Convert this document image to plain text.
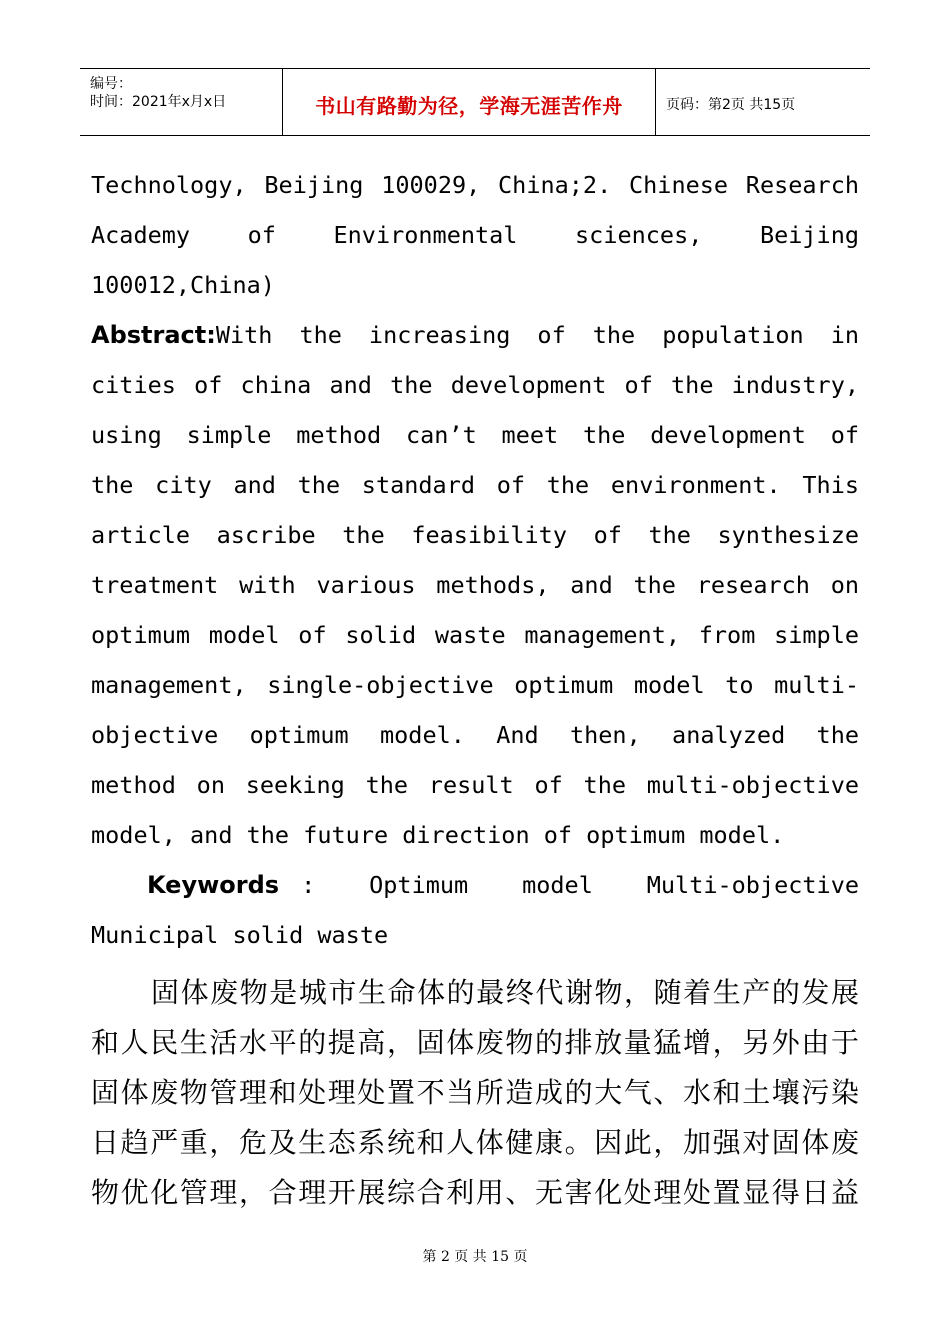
编号：
时间：2021年x月x日	书山有路勤为径，学海无涯苦作舟	页码：第2页 共15页
Technology, Beijing 100029, China;2. Chinese Research
Academy of Environmental sciences, Beijing
100012,China)
Abstract: With the increasing of the population in
cities of china and the development of the industry,
using simple method can’t meet the development of
the city and the standard of the environment. This
article ascribe the feasibility of the synthesize
treatment with various methods, and the research on
optimum model of solid waste management, from simple
management, single-objective optimum model to multi-
objective optimum model. And then, analyzed the
method on seeking the result of the multi-objective
model, and the future direction of optimum model.
Keywords : Optimum model Multi-objective
Municipal solid waste
固体废物是城市生命体的最终代谢物，随着生产的发展
和人民生活水平的提高，固体废物的排放量猛增，另外由于
固体废物管理和处理处置不当所造成的大气、水和土壤污染
日趋严重，危及生态系统和人体健康。因此，加强对固体废
物优化管理，合理开展综合利用、无害化处理处置显得日益
第 2 页 共 15 页
